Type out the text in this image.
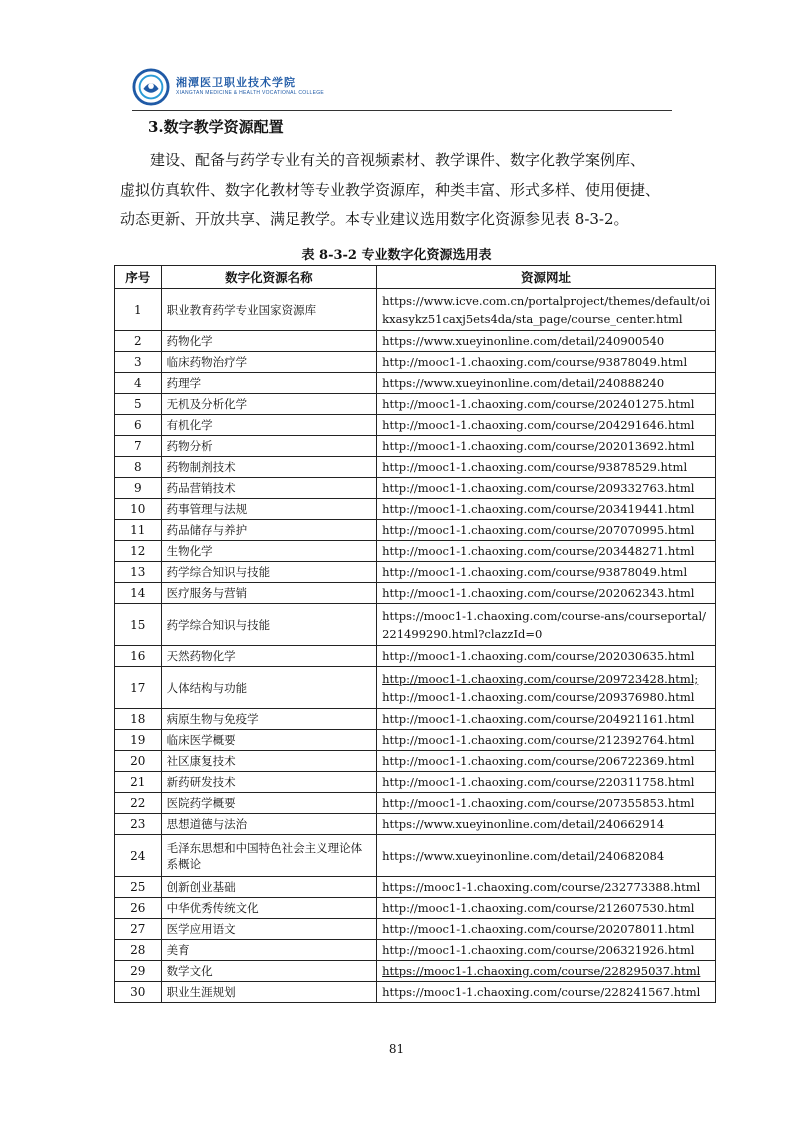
湘潭医卫职业技术学院
XIANGTAN MEDICINE & HEALTH VOCATIONAL COLLEGE
3.数字教学资源配置
建设、配备与药学专业有关的音视频素材、教学课件、数字化教学案例库、
虚拟仿真软件、数字化教材等专业教学资源库，种类丰富、形式多样、使用便捷、
动态更新、开放共享、满足教学。本专业建议选用数字化资源参见表 8-3-2。
表 8-3-2 专业数字化资源选用表
序号	数字化资源名称	资源网址
1	职业教育药学专业国家资源库	https://www.icve.com.cn/portalproject/themes/default/oi
kxasykz51caxj5ets4da/sta_page/course_center.html

2	药物化学	https://www.xueyinonline.com/detail/240900540

3	临床药物治疗学	http://mooc1-1.chaoxing.com/course/93878049.html

4	药理学	https://www.xueyinonline.com/detail/240888240

5	无机及分析化学	http://mooc1-1.chaoxing.com/course/202401275.html

6	有机化学	http://mooc1-1.chaoxing.com/course/204291646.html

7	药物分析	http://mooc1-1.chaoxing.com/course/202013692.html

8	药物制剂技术	http://mooc1-1.chaoxing.com/course/93878529.html

9	药品营销技术	http://mooc1-1.chaoxing.com/course/209332763.html

10	药事管理与法规	http://mooc1-1.chaoxing.com/course/203419441.html

11	药品储存与养护	http://mooc1-1.chaoxing.com/course/207070995.html

12	生物化学	http://mooc1-1.chaoxing.com/course/203448271.html

13	药学综合知识与技能	http://mooc1-1.chaoxing.com/course/93878049.html

14	医疗服务与营销	http://mooc1-1.chaoxing.com/course/202062343.html

15	药学综合知识与技能	https://mooc1-1.chaoxing.com/course-ans/courseportal/
221499290.html?clazzId=0

16	天然药物化学	http://mooc1-1.chaoxing.com/course/202030635.html

17	人体结构与功能	http://mooc1-1.chaoxing.com/course/209723428.html;
http://mooc1-1.chaoxing.com/course/209376980.html

18	病原生物与免疫学	http://mooc1-1.chaoxing.com/course/204921161.html

19	临床医学概要	http://mooc1-1.chaoxing.com/course/212392764.html

20	社区康复技术	http://mooc1-1.chaoxing.com/course/206722369.html

21	新药研发技术	http://mooc1-1.chaoxing.com/course/220311758.html

22	医院药学概要	http://mooc1-1.chaoxing.com/course/207355853.html

23	思想道德与法治	https://www.xueyinonline.com/detail/240662914

24	毛泽东思想和中国特色社会主义理论体系概论	https://www.xueyinonline.com/detail/240682084

25	创新创业基础	https://mooc1-1.chaoxing.com/course/232773388.html

26	中华优秀传统文化	http://mooc1-1.chaoxing.com/course/212607530.html

27	医学应用语文	http://mooc1-1.chaoxing.com/course/202078011.html

28	美育	http://mooc1-1.chaoxing.com/course/206321926.html

29	数学文化	https://mooc1-1.chaoxing.com/course/228295037.html

30	职业生涯规划	https://mooc1-1.chaoxing.com/course/228241567.html
81
